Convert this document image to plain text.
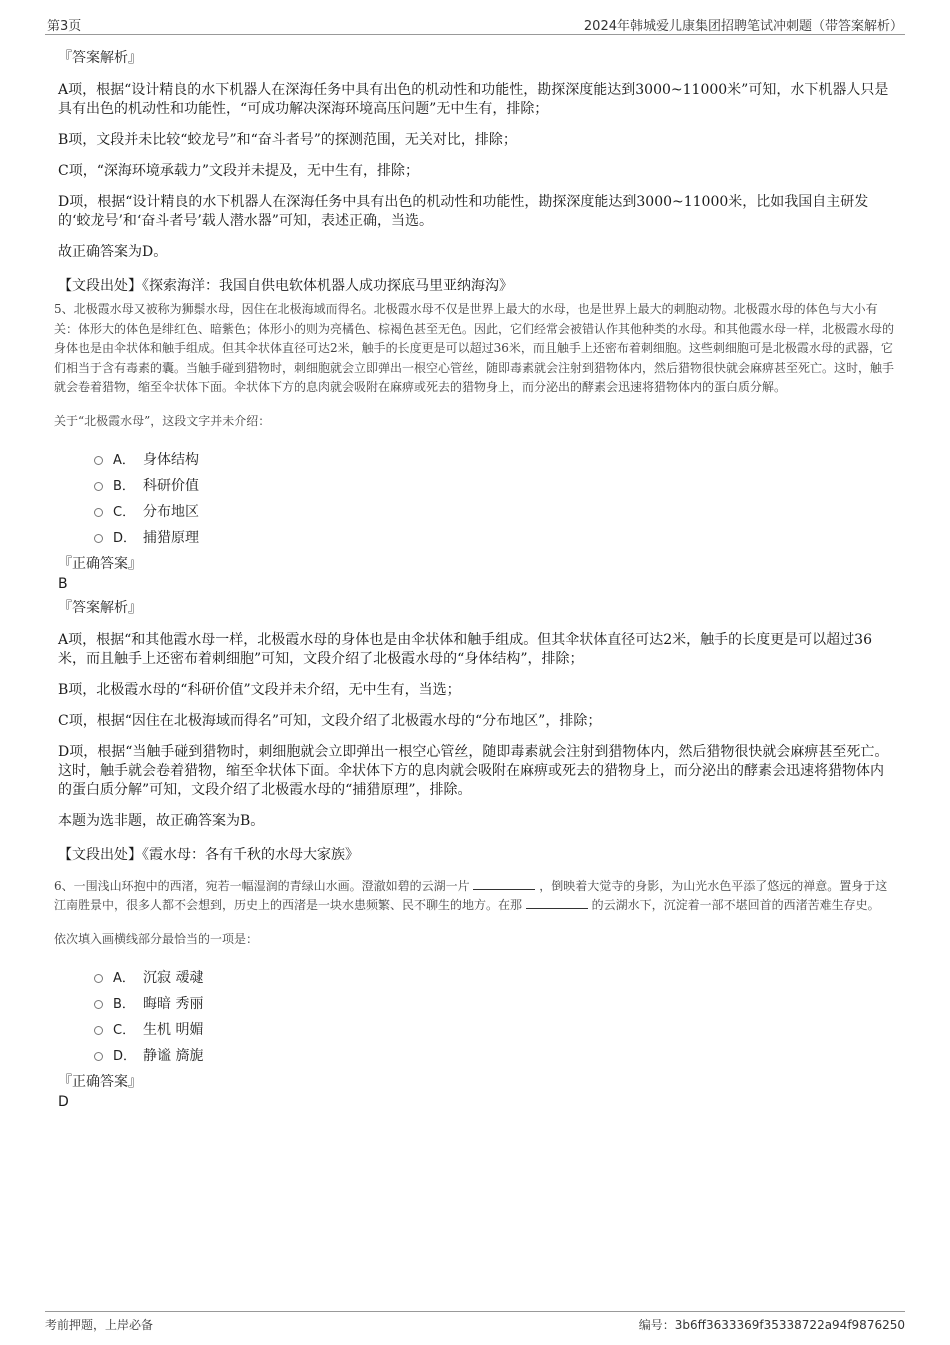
第3页	2024年韩城爱儿康集团招聘笔试冲刺题（带答案解析）
『答案解析』
A项，根据“设计精良的水下机器人在深海任务中具有出色的机动性和功能性，勘探深度能达到3000~11000米”可知，水下机器人只是具有出色的机动性和功能性，“可成功解决深海环境高压问题”无中生有，排除；
B项，文段并未比较“蛟龙号”和“奋斗者号”的探测范围，无关对比，排除；
C项，“深海环境承载力”文段并未提及，无中生有，排除；
D项，根据“设计精良的水下机器人在深海任务中具有出色的机动性和功能性，勘探深度能达到3000~11000米，比如我国自主研发的‘蛟龙号’和‘奋斗者号’载人潜水器”可知，表述正确，当选。
故正确答案为D。
【文段出处】《探索海洋：我国自供电软体机器人成功探底马里亚纳海沟》
5、北极霞水母又被称为狮鬃水母，因住在北极海域而得名。北极霞水母不仅是世界上最大的水母，也是世界上最大的刺胞动物。北极霞水母的体色与大小有关：体形大的体色是绯红色、暗紫色；体形小的则为亮橘色、棕褐色甚至无色。因此，它们经常会被错认作其他种类的水母。和其他霞水母一样，北极霞水母的身体也是由伞状体和触手组成。但其伞状体直径可达2米，触手的长度更是可以超过36米，而且触手上还密布着刺细胞。这些刺细胞可是北极霞水母的武器，它们相当于含有毒素的囊。当触手碰到猎物时，刺细胞就会立即弹出一根空心管丝，随即毒素就会注射到猎物体内，然后猎物很快就会麻痹甚至死亡。这时，触手就会卷着猎物，缩至伞状体下面。伞状体下方的息肉就会吸附在麻痹或死去的猎物身上，而分泌出的酵素会迅速将猎物体内的蛋白质分解。
关于“北极霞水母”，这段文字并未介绍：
A． 身体结构
B． 科研价值
C． 分布地区
D． 捕猎原理
『正确答案』
B
『答案解析』
A项，根据“和其他霞水母一样，北极霞水母的身体也是由伞状体和触手组成。但其伞状体直径可达2米，触手的长度更是可以超过36米，而且触手上还密布着刺细胞”可知，文段介绍了北极霞水母的“身体结构”，排除；
B项，北极霞水母的“科研价值”文段并未介绍，无中生有，当选；
C项，根据“因住在北极海域而得名”可知，文段介绍了北极霞水母的“分布地区”，排除；
D项，根据“当触手碰到猎物时，刺细胞就会立即弹出一根空心管丝，随即毒素就会注射到猎物体内，然后猎物很快就会麻痹甚至死亡。这时，触手就会卷着猎物，缩至伞状体下面。伞状体下方的息肉就会吸附在麻痹或死去的猎物身上，而分泌出的酵素会迅速将猎物体内的蛋白质分解”可知，文段介绍了北极霞水母的“捕猎原理”，排除。
本题为选非题，故正确答案为B。
【文段出处】《霞水母：各有千秋的水母大家族》
6、一围浅山环抱中的西渚，宛若一幅湿润的青绿山水画。澄澈如碧的云湖一片	，倒映着大觉寺的身影，为山光水色平添了悠远的禅意。置身于这江南胜景中，很多人都不会想到，历史上的西渚是一块水患频繁、民不聊生的地方。在那	的云湖水下，沉淀着一部不堪回首的西渚苦难生存史。
依次填入画横线部分最恰当的一项是：
A． 沉寂 叆叇
B． 晦暗 秀丽
C． 生机 明媚
D． 静谧 旖旎
『正确答案』
D
考前押题，上岸必备	编号：3b6ff3633369f35338722a94f9876250
